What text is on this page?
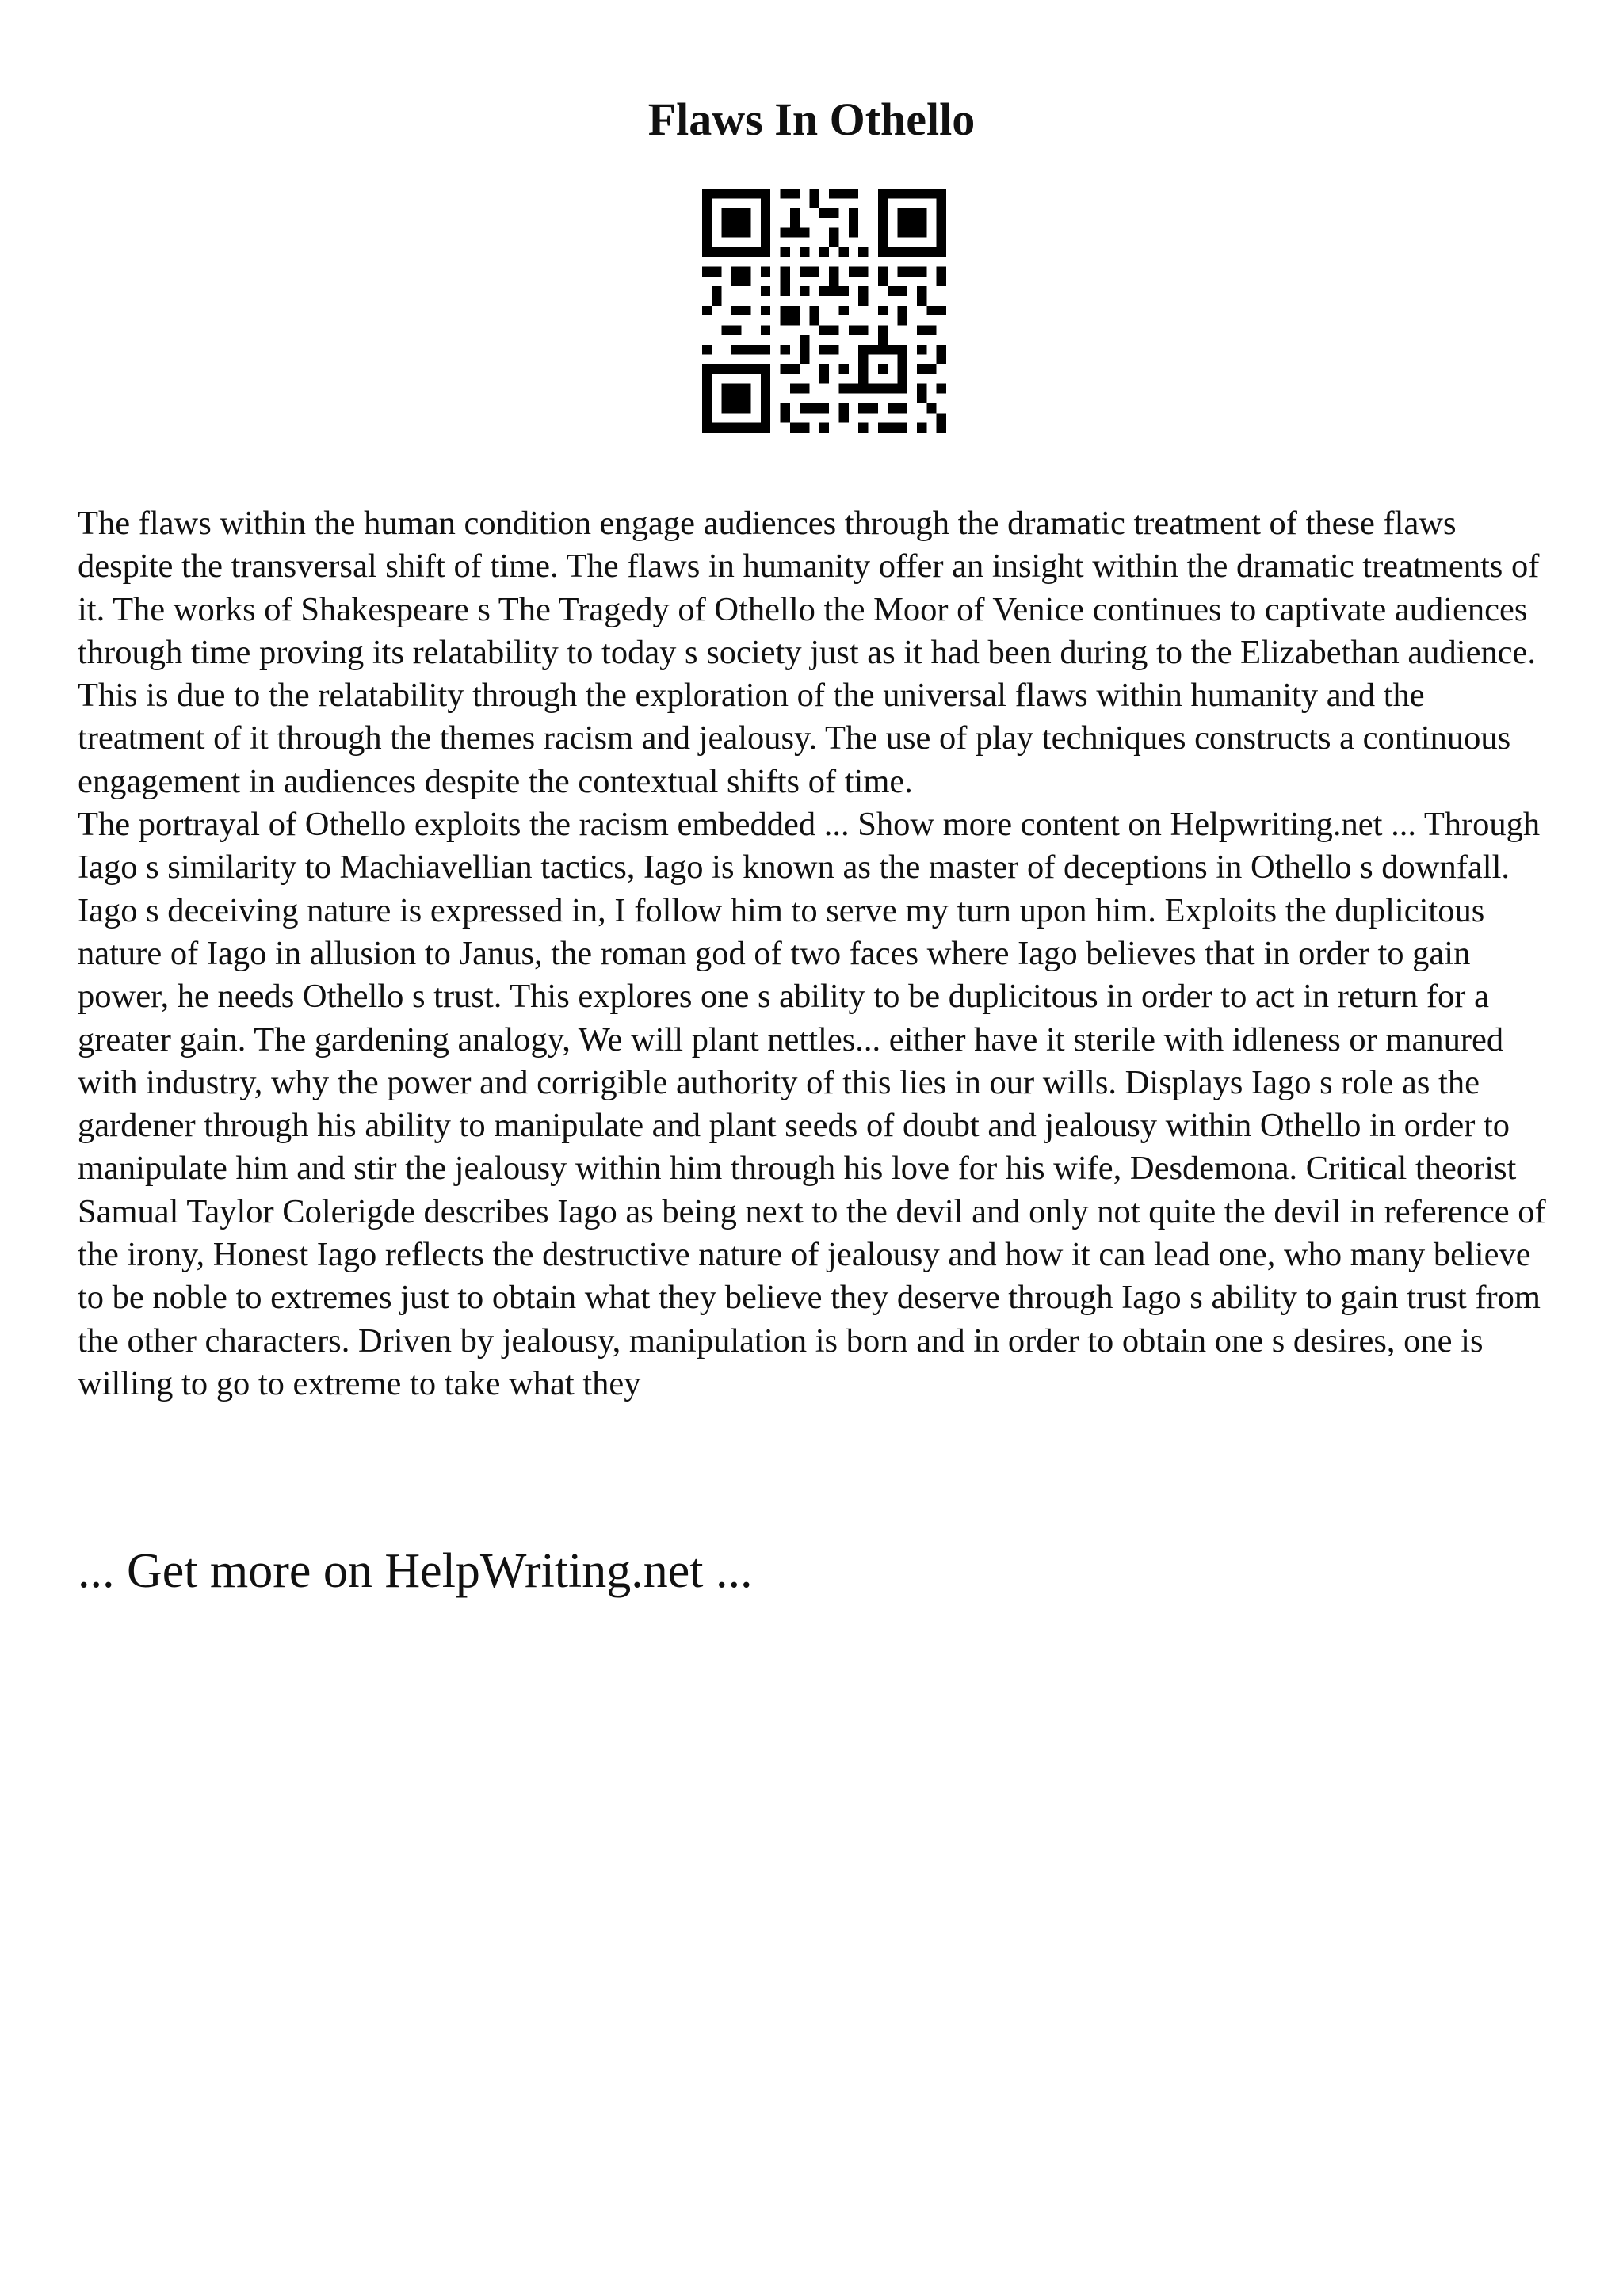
Flaws In Othello

The flaws within the human condition engage audiences through the dramatic treatment of these flaws despite the transversal shift of time. The flaws in humanity offer an insight within the dramatic treatments of it. The works of Shakespeare s The Tragedy of Othello the Moor of Venice continues to captivate audiences through time proving its relatability to today s society just as it had been during to the Elizabethan audience. This is due to the relatability through the exploration of the universal flaws within humanity and the treatment of it through the themes racism and jealousy. The use of play techniques constructs a continuous engagement in audiences despite the contextual shifts of time.

The portrayal of Othello exploits the racism embedded ... Show more content on Helpwriting.net ... Through Iago s similarity to Machiavellian tactics, Iago is known as the master of deceptions in Othello s downfall. Iago s deceiving nature is expressed in, I follow him to serve my turn upon him. Exploits the duplicitous nature of Iago in allusion to Janus, the roman god of two faces where Iago believes that in order to gain power, he needs Othello s trust. This explores one s ability to be duplicitous in order to act in return for a greater gain. The gardening analogy, We will plant nettles... either have it sterile with idleness or manured with industry, why the power and corrigible authority of this lies in our wills. Displays Iago s role as the gardener through his ability to manipulate and plant seeds of doubt and jealousy within Othello in order to manipulate him and stir the jealousy within him through his love for his wife, Desdemona. Critical theorist Samual Taylor Colerigde describes Iago as being next to the devil and only not quite the devil in reference of the irony, Honest Iago reflects the destructive nature of jealousy and how it can lead one, who many believe to be noble to extremes just to obtain what they believe they deserve through Iago s ability to gain trust from the other characters. Driven by jealousy, manipulation is born and in order to obtain one s desires, one is willing to go to extreme to take what they

... Get more on HelpWriting.net ...
